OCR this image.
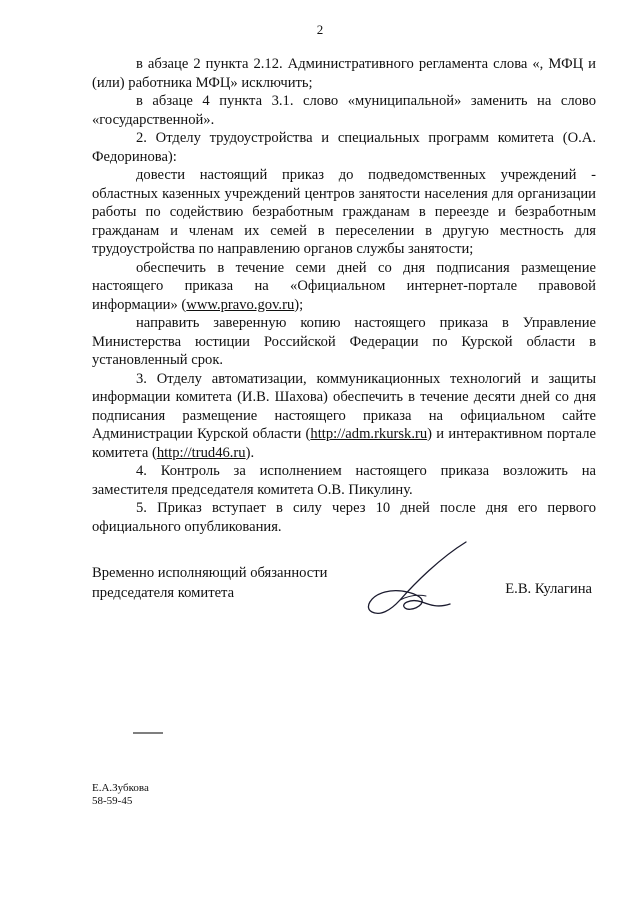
2

в абзаце 2 пункта 2.12. Административного регламента слова «, МФЦ и (или) работника МФЦ» исключить;

в абзаце 4 пункта 3.1. слово «муниципальной» заменить на слово «государственной».

2. Отделу трудоустройства и специальных программ комитета (О.А. Федоринова):

довести настоящий приказ до подведомственных учреждений - областных казенных учреждений центров занятости населения для организации работы по содействию безработным гражданам в переезде и безработным гражданам и членам их семей в переселении в другую местность для трудоустройства по направлению органов службы занятости;

обеспечить в течение семи дней со дня подписания размещение настоящего приказа на «Официальном интернет-портале правовой информации» (www.pravo.gov.ru);

направить заверенную копию настоящего приказа в Управление Министерства юстиции Российской Федерации по Курской области в установленный срок.

3. Отделу автоматизации, коммуникационных технологий и защиты информации комитета (И.В. Шахова) обеспечить в течение десяти дней со дня подписания размещение настоящего приказа на официальном сайте Администрации Курской области (http://adm.rkursk.ru) и интерактивном портале комитета (http://trud46.ru).

4. Контроль за исполнением настоящего приказа возложить на заместителя председателя комитета О.В. Пикулину.

5. Приказ вступает в силу через 10 дней после дня его первого официального опубликования.

Временно исполняющий обязанности
председателя комитета	Е.В. Кулагина
Е.А.Зубкова
58-59-45
